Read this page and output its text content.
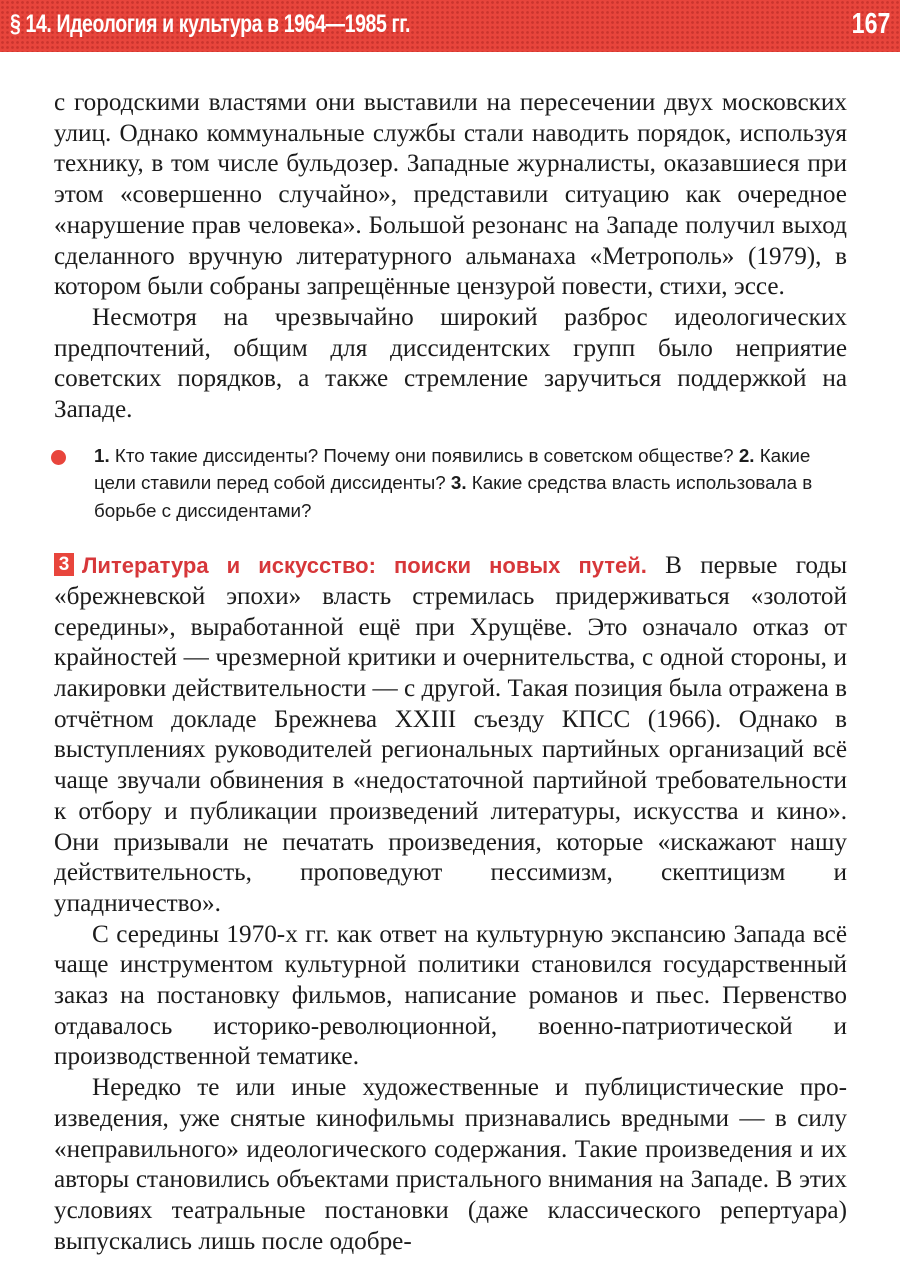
§ 14. Идеология и культура в 1964—1985 гг.	167

с городскими властями они выставили на пересечении двух московских улиц. Однако коммунальные службы стали наводить порядок, используя технику, в том числе бульдозер. Западные журналисты, оказавшиеся при этом «совершенно случайно», представили ситуацию как очередное «нарушение прав человека». Большой резонанс на Западе получил выход сделанного вручную литературного альманаха «Метрополь» (1979), в котором были собраны запрещённые цензурой повести, стихи, эссе.

Несмотря на чрезвычайно широкий разброс идеологических предпочтений, общим для диссидентских групп было неприятие советских порядков, а также стремление заручиться поддержкой на Западе.

1. Кто такие диссиденты? Почему они появились в советском обществе? 2. Какие цели ставили перед собой диссиденты? 3. Какие средства власть использовала в борьбе с диссидентами?

3 Литература и искусство: поиски новых путей. В первые годы «брежневской эпохи» власть стремилась придерживаться «золотой середины», выработанной ещё при Хрущёве. Это означало отказ от крайностей — чрезмерной критики и очернительства, с одной стороны, и лакировки действительности — с другой. Такая позиция была отражена в отчётном докладе Брежнева XXIII съезду КПСС (1966). Однако в выступлениях руководителей региональных партийных организаций всё чаще звучали обвинения в «недостаточной партийной требовательности к отбору и публикации произведений литературы, искусства и кино». Они призывали не печатать произведения, которые «искажают нашу действительность, проповедуют пессимизм, скептицизм и упадничество».

С середины 1970-х гг. как ответ на культурную экспансию Запада всё чаще инструментом культурной политики становился государственный заказ на постановку фильмов, написание романов и пьес. Первенство отдавалось историко-революционной, военно-патриотической и производственной тематике.

Нередко те или иные художественные и публицистические произведения, уже снятые кинофильмы признавались вредными — в силу «неправильного» идеологического содержания. Такие произведения и их авторы становились объектами пристального внимания на Западе. В этих условиях театральные постановки (даже классического репертуара) выпускались лишь после одобре-
